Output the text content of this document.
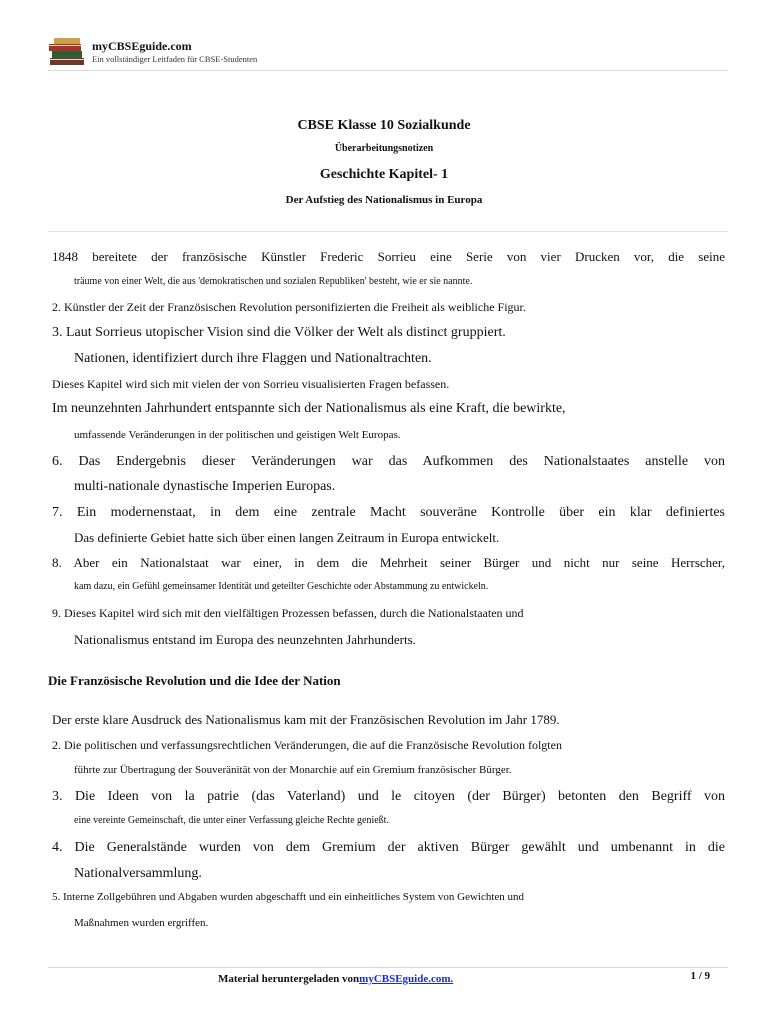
myCBSEguide.com
Ein vollständiger Leitfaden für CBSE-Studenten
CBSE Klasse 10 Sozialkunde
Überarbeitungsnotizen
Geschichte Kapitel- 1
Der Aufstieg des Nationalismus in Europa
1848 bereitete der französische Künstler Frederic Sorrieu eine Serie von vier Drucken vor, die seine
träume von einer Welt, die aus 'demokratischen und sozialen Republiken' besteht, wie er sie nannte.
2. Künstler der Zeit der Französischen Revolution personifizierten die Freiheit als weibliche Figur.
3. Laut Sorrieus utopischer Vision sind die Völker der Welt als distinct gruppiert.
Nationen, identifiziert durch ihre Flaggen und Nationaltrachten.
Dieses Kapitel wird sich mit vielen der von Sorrieu visualisierten Fragen befassen.
Im neunzehnten Jahrhundert entspannte sich der Nationalismus als eine Kraft, die bewirkte,
umfassende Veränderungen in der politischen und geistigen Welt Europas.
6. Das Endergebnis dieser Veränderungen war das Aufkommen des Nationalstaates anstelle von
multi-nationale dynastische Imperien Europas.
7. Ein modernenstaat, in dem eine zentrale Macht souveräne Kontrolle über ein klar definiertes
Das definierte Gebiet hatte sich über einen langen Zeitraum in Europa entwickelt.
8. Aber ein Nationalstaat war einer, in dem die Mehrheit seiner Bürger und nicht nur seine Herrscher,
kam dazu, ein Gefühl gemeinsamer Identität und geteilter Geschichte oder Abstammung zu entwickeln.
9. Dieses Kapitel wird sich mit den vielfältigen Prozessen befassen, durch die Nationalstaaten und
Nationalismus entstand im Europa des neunzehnten Jahrhunderts.
Die Französische Revolution und die Idee der Nation
Der erste klare Ausdruck des Nationalismus kam mit der Französischen Revolution im Jahr 1789.
2. Die politischen und verfassungsrechtlichen Veränderungen, die auf die Französische Revolution folgten
führte zur Übertragung der Souveränität von der Monarchie auf ein Gremium französischer Bürger.
3. Die Ideen von la patrie (das Vaterland) und le citoyen (der Bürger) betonten den Begriff von
eine vereinte Gemeinschaft, die unter einer Verfassung gleiche Rechte genießt.
4. Die Generalstände wurden von dem Gremium der aktiven Bürger gewählt und umbenannt in die
Nationalversammlung.
5. Interne Zollgebühren und Abgaben wurden abgeschafft und ein einheitliches System von Gewichten und
Maßnahmen wurden ergriffen.
Material heruntergeladen vonmyCBSEguide.com.	1 / 9
